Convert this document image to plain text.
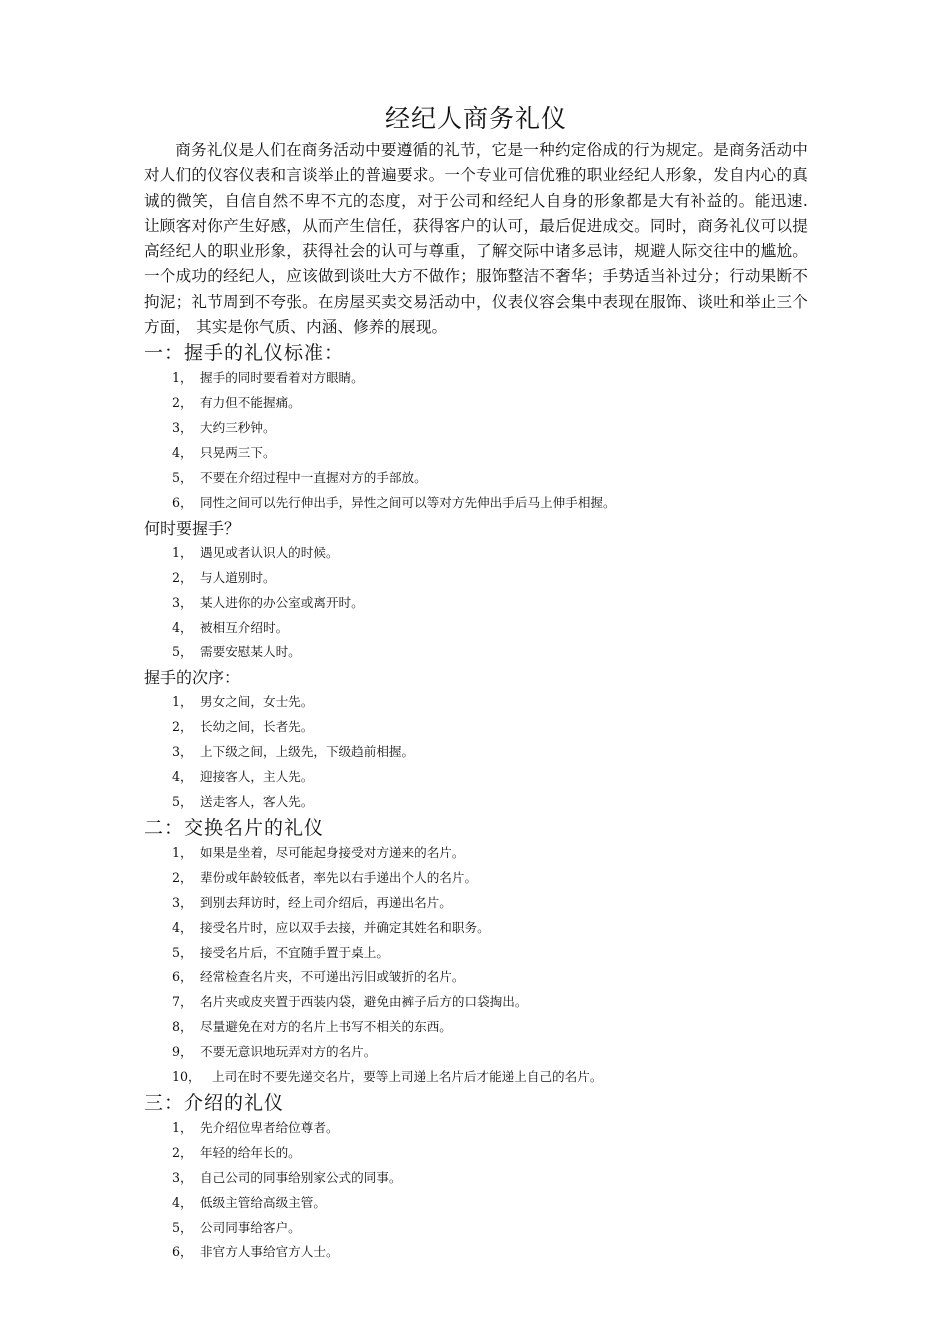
经纪人商务礼仪

商务礼仪是人们在商务活动中要遵循的礼节，它是一种约定俗成的行为规定。是商务活动中对人们的仪容仪表和言谈举止的普遍要求。一个专业可信优雅的职业经纪人形象，发自内心的真诚的微笑，自信自然不卑不亢的态度，对于公司和经纪人自身的形象都是大有补益的。能迅速.让顾客对你产生好感，从而产生信任，获得客户的认可，最后促进成交。同时，商务礼仪可以提高经纪人的职业形象，获得社会的认可与尊重，了解交际中诸多忌讳，规避人际交往中的尴尬。一个成功的经纪人，应该做到谈吐大方不做作；服饰整洁不奢华；手势适当补过分；行动果断不拘泥；礼节周到不夸张。在房屋买卖交易活动中，仪表仪容会集中表现在服饰、谈吐和举止三个方面， 其实是你气质、内涵、修养的展现。

一：握手的礼仪标准：
1， 握手的同时要看着对方眼睛。
2， 有力但不能握痛。
3， 大约三秒钟。
4， 只晃两三下。
5， 不要在介绍过程中一直握对方的手部放。
6， 同性之间可以先行伸出手，异性之间可以等对方先伸出手后马上伸手相握。
何时要握手？
1， 遇见或者认识人的时候。
2， 与人道别时。
3， 某人进你的办公室或离开时。
4， 被相互介绍时。
5， 需要安慰某人时。
握手的次序：
1， 男女之间，女士先。
2， 长幼之间，长者先。
3， 上下级之间，上级先，下级趋前相握。
4， 迎接客人，主人先。
5， 送走客人，客人先。
二：交换名片的礼仪
1， 如果是坐着，尽可能起身接受对方递来的名片。
2， 辈份或年龄较低者，率先以右手递出个人的名片。
3， 到别去拜访时，经上司介绍后，再递出名片。
4， 接受名片时，应以双手去接，并确定其姓名和职务。
5， 接受名片后，不宜随手置于桌上。
6， 经常检查名片夹，不可递出污旧或皱折的名片。
7， 名片夹或皮夹置于西装内袋，避免由裤子后方的口袋掏出。
8， 尽量避免在对方的名片上书写不相关的东西。
9， 不要无意识地玩弄对方的名片。
10， 上司在时不要先递交名片，要等上司递上名片后才能递上自己的名片。
三：介绍的礼仪
1， 先介绍位卑者给位尊者。
2， 年轻的给年长的。
3， 自己公司的同事给别家公式的同事。
4， 低级主管给高级主管。
5， 公司同事给客户。
6， 非官方人事给官方人士。
